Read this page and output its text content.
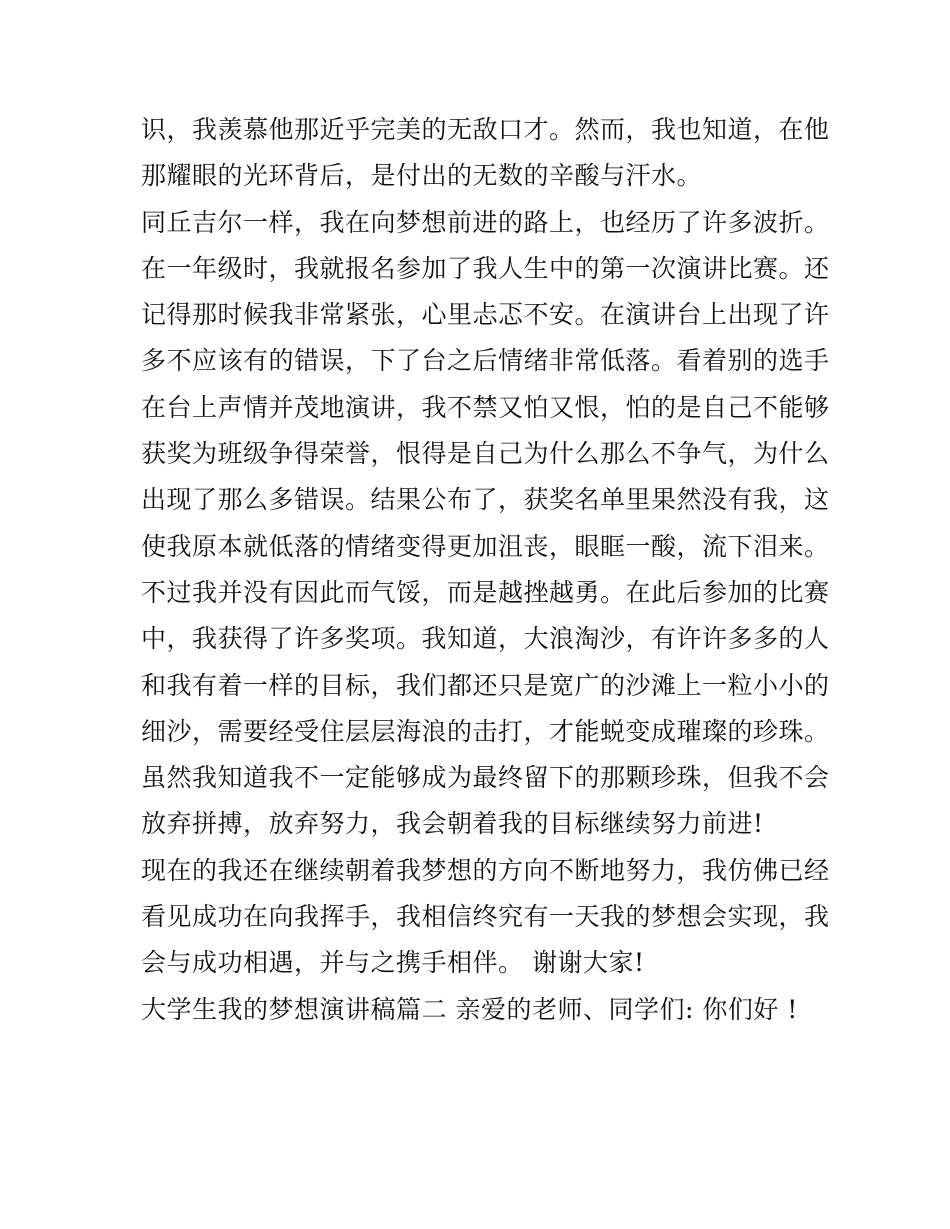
识，我羡慕他那近乎完美的无敌口才。然而，我也知道，在他
那耀眼的光环背后，是付出的无数的辛酸与汗水。
同丘吉尔一样，我在向梦想前进的路上，也经历了许多波折。
在一年级时，我就报名参加了我人生中的第一次演讲比赛。还
记得那时候我非常紧张，心里忐忑不安。在演讲台上出现了许
多不应该有的错误，下了台之后情绪非常低落。看着别的选手
在台上声情并茂地演讲，我不禁又怕又恨，怕的是自己不能够
获奖为班级争得荣誉，恨得是自己为什么那么不争气，为什么
出现了那么多错误。结果公布了，获奖名单里果然没有我，这
使我原本就低落的情绪变得更加沮丧，眼眶一酸，流下泪来。
不过我并没有因此而气馁，而是越挫越勇。在此后参加的比赛
中，我获得了许多奖项。我知道，大浪淘沙，有许许多多的人
和我有着一样的目标，我们都还只是宽广的沙滩上一粒小小的
细沙，需要经受住层层海浪的击打，才能蜕变成璀璨的珍珠。
虽然我知道我不一定能够成为最终留下的那颗珍珠，但我不会
放弃拼搏，放弃努力，我会朝着我的目标继续努力前进!
现在的我还在继续朝着我梦想的方向不断地努力，我仿佛已经
看见成功在向我挥手，我相信终究有一天我的梦想会实现，我
会与成功相遇，并与之携手相伴。 谢谢大家!
大学生我的梦想演讲稿篇二 亲爱的老师、同学们: 你们好 !
